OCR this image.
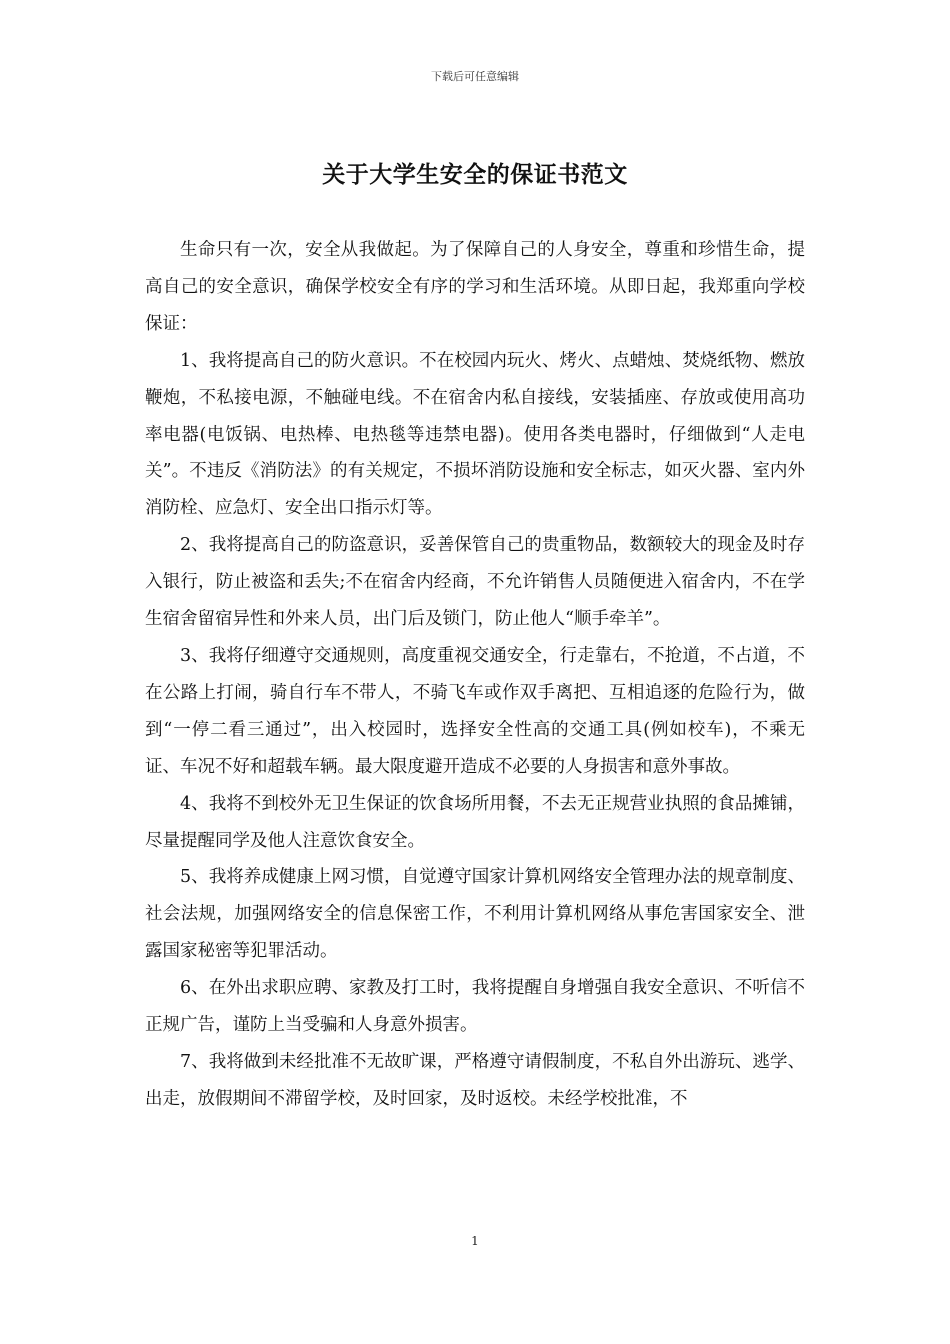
下载后可任意编辑
关于大学生安全的保证书范文

生命只有一次，安全从我做起。为了保障自己的人身安全，尊重和珍惜生命，提高自己的安全意识，确保学校安全有序的学习和生活环境。从即日起，我郑重向学校保证：

1、我将提高自己的防火意识。不在校园内玩火、烤火、点蜡烛、焚烧纸物、燃放鞭炮，不私接电源，不触碰电线。不在宿舍内私自接线，安装插座、存放或使用高功率电器(电饭锅、电热棒、电热毯等违禁电器)。使用各类电器时，仔细做到“人走电关”。不违反《消防法》的有关规定，不损坏消防设施和安全标志，如灭火器、室内外消防栓、应急灯、安全出口指示灯等。

2、我将提高自己的防盗意识，妥善保管自己的贵重物品，数额较大的现金及时存入银行，防止被盗和丢失;不在宿舍内经商，不允许销售人员随便进入宿舍内，不在学生宿舍留宿异性和外来人员，出门后及锁门，防止他人“顺手牵羊”。

3、我将仔细遵守交通规则，高度重视交通安全，行走靠右，不抢道，不占道，不在公路上打闹，骑自行车不带人，不骑飞车或作双手离把、互相追逐的危险行为，做到“一停二看三通过”，出入校园时，选择安全性高的交通工具(例如校车)，不乘无证、车况不好和超载车辆。最大限度避开造成不必要的人身损害和意外事故。

4、我将不到校外无卫生保证的饮食场所用餐，不去无正规营业执照的食品摊铺，尽量提醒同学及他人注意饮食安全。

5、我将养成健康上网习惯，自觉遵守国家计算机网络安全管理办法的规章制度、社会法规，加强网络安全的信息保密工作，不利用计算机网络从事危害国家安全、泄露国家秘密等犯罪活动。

6、在外出求职应聘、家教及打工时，我将提醒自身增强自我安全意识、不听信不正规广告，谨防上当受骗和人身意外损害。

7、我将做到未经批准不无故旷课，严格遵守请假制度，不私自外出游玩、逃学、出走，放假期间不滞留学校，及时回家，及时返校。未经学校批准，不

1
